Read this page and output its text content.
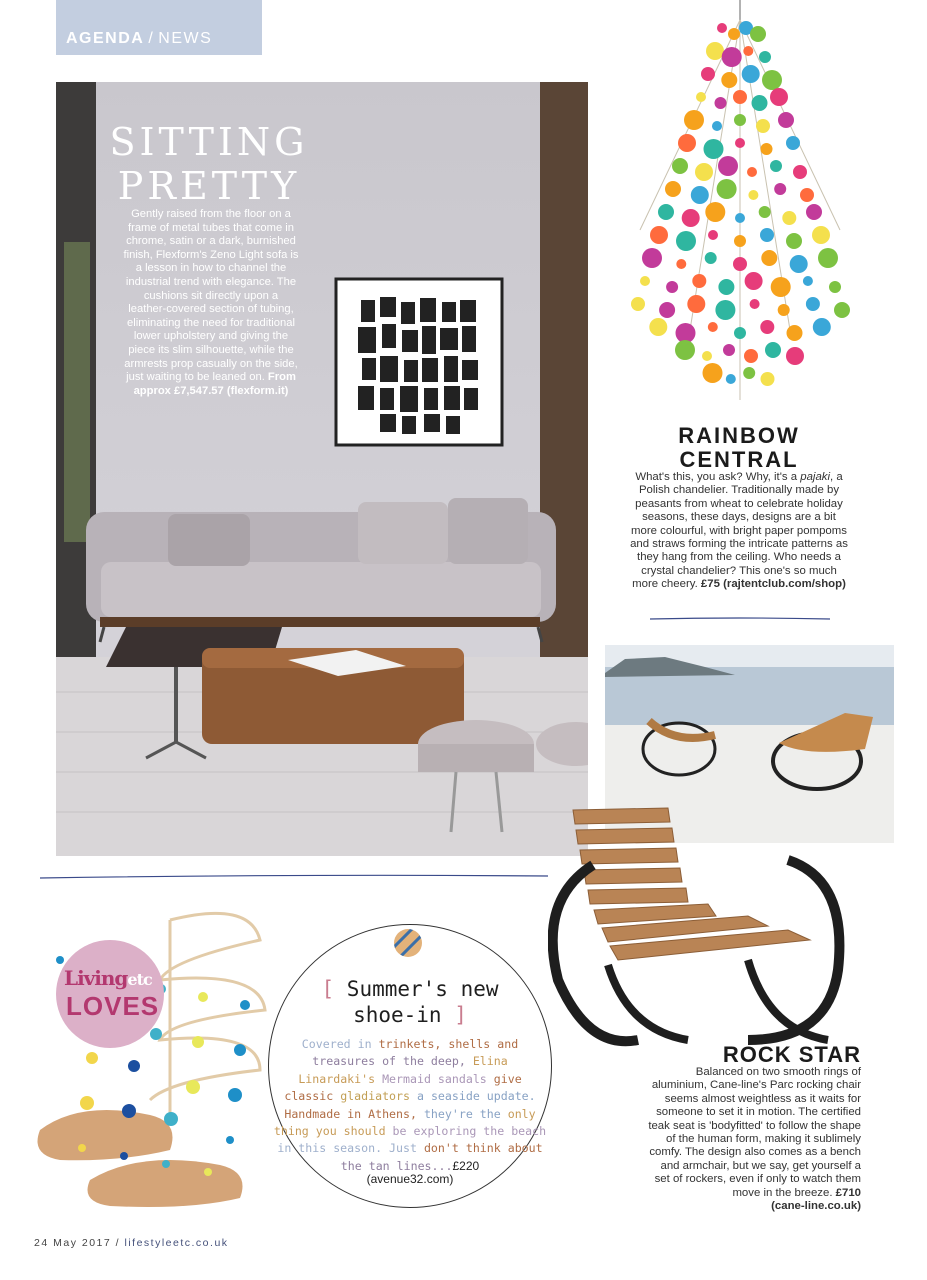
AGENDA / NEWS
SITTING
PRETTY
Gently raised from the floor on a
frame of metal tubes that come in
chrome, satin or a dark, burnished
finish, Flexform's Zeno Light sofa is
a lesson in how to channel the
industrial trend with elegance. The
cushions sit directly upon a
leather-covered section of tubing,
eliminating the need for traditional
lower upholstery and giving the
piece its slim silhouette, while the
armrests prop casually on the side,
just waiting to be leaned on. From
approx £7,547.57 (flexform.it)
RAINBOW
CENTRAL
What's this, you ask? Why, it's a pajaki, a Polish chandelier. Traditionally made by peasants from wheat to celebrate holiday seasons, these days, designs are a bit more colourful, with bright paper pompoms and straws forming the intricate patterns as they hang from the ceiling. Who needs a crystal chandelier? This one's so much more cheery. £75 (rajtentclub.com/shop)
ROCK STAR
Balanced on two smooth rings of aluminium, Cane-line's Parc rocking chair seems almost weightless as it waits for someone to set it in motion. The certified teak seat is 'bodyfitted' to follow the shape of the human form, making it sublimely comfy. The design also comes as a bench and armchair, but we say, get yourself a set of rockers, even if only to watch them move in the breeze. £710
(cane-line.co.uk)
Livingetc
LOVES
[ Summer's new
shoe-in ]
Covered in trinkets, shells and treasures of the deep, Elina Linardaki's Mermaid sandals give classic gladiators a seaside update. Handmade in Athens, they're the only thing you should be exploring the beach in this season. Just don't think about the tan lines...£220
(avenue32.com)
24 May 2017 / lifestyleetc.co.uk
